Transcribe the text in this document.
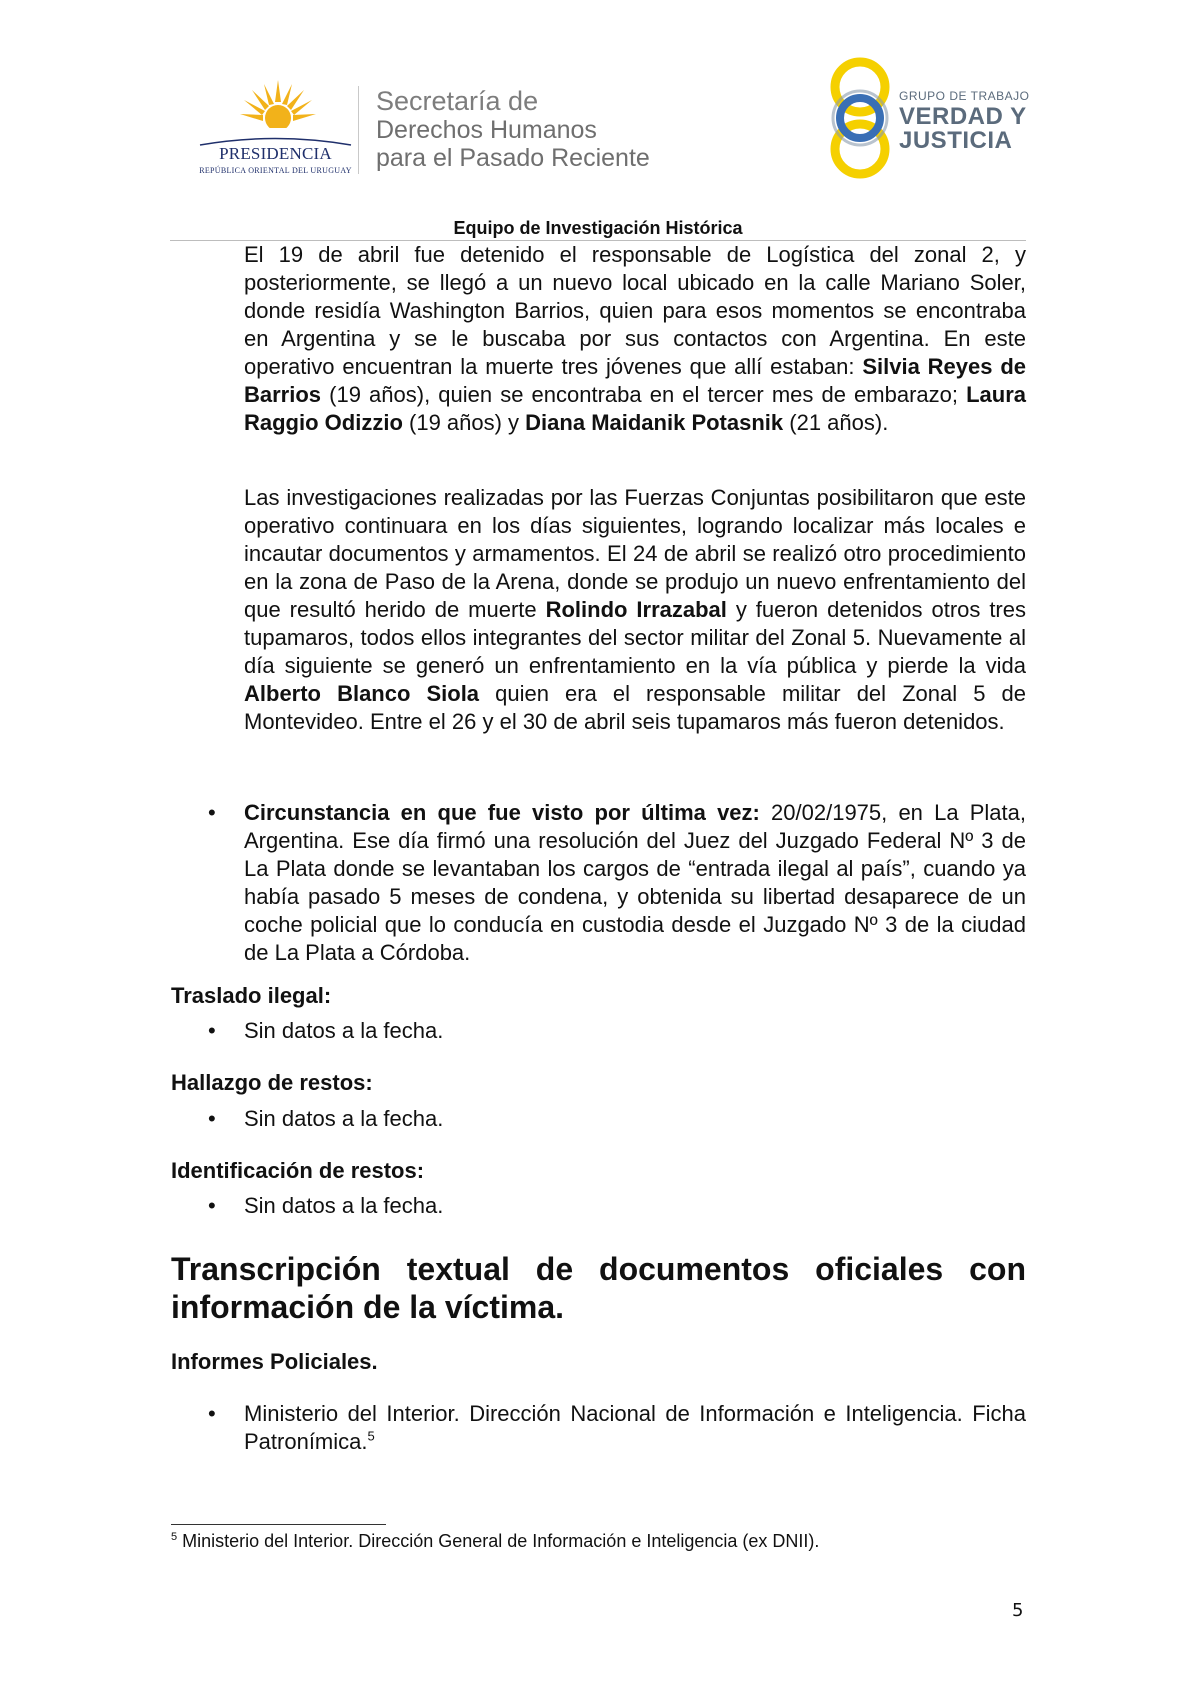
PRESIDENCIA
REPÚBLICA ORIENTAL DEL URUGUAY
Secretaría de
Derechos Humanos
para el Pasado Reciente
GRUPO DE TRABAJO
VERDAD Y
JUSTICIA
Equipo de Investigación Histórica
El 19 de abril fue detenido el responsable de Logística del zonal 2, y posteriormente, se llegó a un nuevo local ubicado en la calle Mariano Soler, donde residía Washington Barrios, quien para esos momentos se encontraba en Argentina y se le buscaba por sus contactos con Argentina. En este operativo encuentran la muerte tres jóvenes que allí estaban: Silvia Reyes de Barrios (19 años), quien se encontraba en el tercer mes de embarazo; Laura Raggio Odizzio (19 años) y Diana Maidanik Potasnik (21 años).
Las investigaciones realizadas por las Fuerzas Conjuntas posibilitaron que este operativo continuara en los días siguientes, logrando localizar más locales e incautar documentos y armamentos. El 24 de abril se realizó otro procedimiento en la zona de Paso de la Arena, donde se produjo un nuevo enfrentamiento del que resultó herido de muerte Rolindo Irrazabal y fueron detenidos otros tres tupamaros, todos ellos integrantes del sector militar del Zonal 5. Nuevamente al día siguiente se generó un enfrentamiento en la vía pública y pierde la vida Alberto Blanco Siola quien era el responsable militar del Zonal 5 de Montevideo. Entre el 26 y el 30 de abril seis tupamaros más fueron detenidos.
•
Circunstancia en que fue visto por última vez: 20/02/1975, en La Plata, Argentina. Ese día firmó una resolución del Juez del Juzgado Federal Nº 3 de La Plata donde se levantaban los cargos de “entrada ilegal al país”, cuando ya había pasado 5 meses de condena, y obtenida su libertad desaparece de un coche policial que lo conducía en custodia desde el Juzgado Nº 3 de la ciudad de La Plata a Córdoba.
Traslado ilegal:
•
Sin datos a la fecha.
Hallazgo de restos:
•
Sin datos a la fecha.
Identificación de restos:
•
Sin datos a la fecha.
Transcripción textual de documentos oficiales con información de la víctima.
Informes Policiales.
•
Ministerio del Interior. Dirección Nacional de Información e Inteligencia. Ficha Patronímica.$^5$
$^5$ Ministerio del Interior. Dirección General de Información e Inteligencia (ex DNII).
5
